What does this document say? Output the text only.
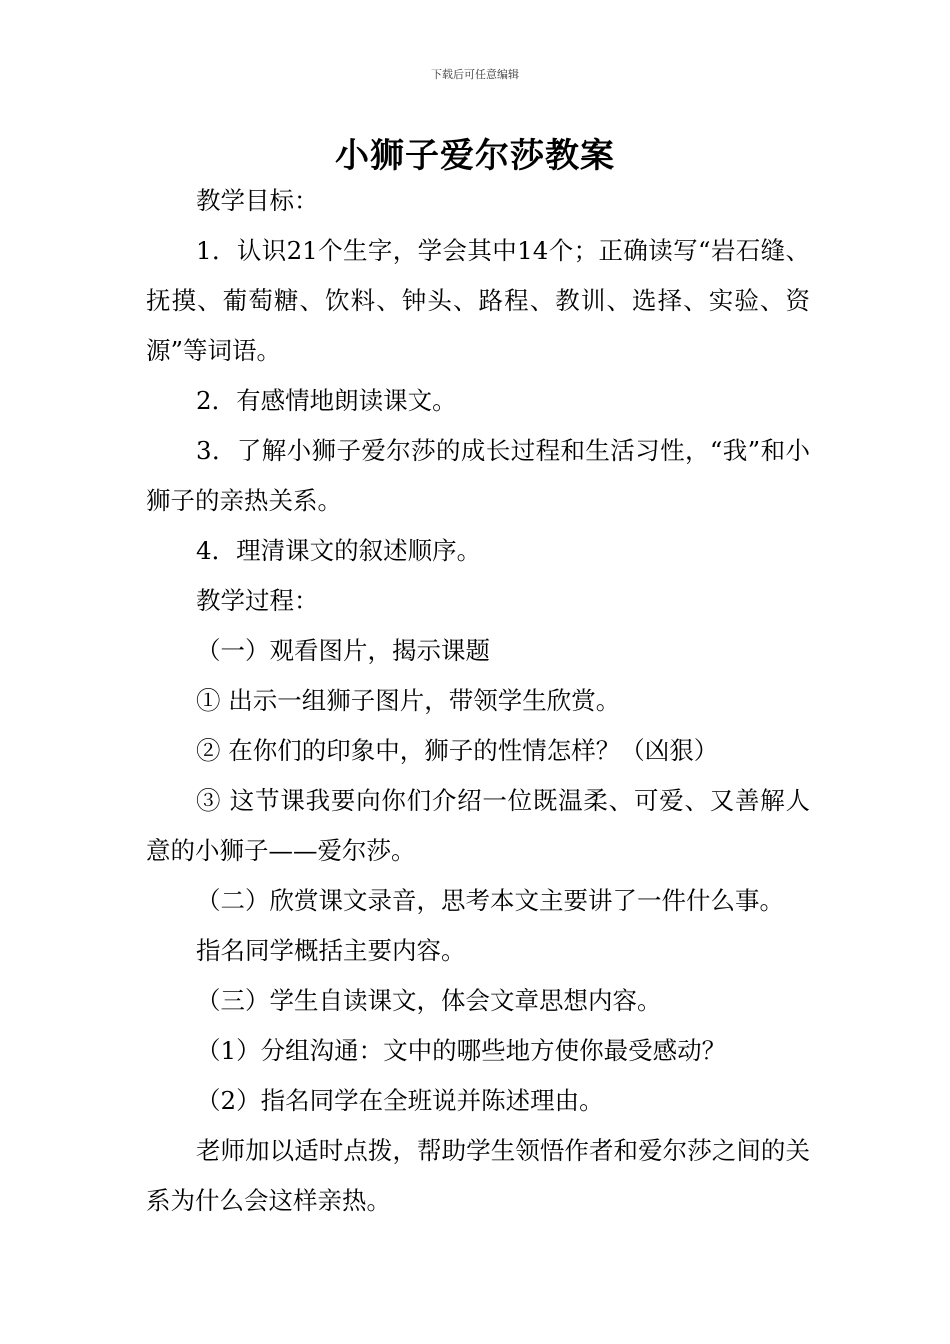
下载后可任意编辑
小狮子爱尔莎教案

教学目标：

1．认识21个生字，学会其中14个；正确读写“岩石缝、抚摸、葡萄糖、饮料、钟头、路程、教训、选择、实验、资源”等词语。

2．有感情地朗读课文。

3．了解小狮子爱尔莎的成长过程和生活习性，“我”和小狮子的亲热关系。

4．理清课文的叙述顺序。

教学过程：

（一）观看图片，揭示课题

① 出示一组狮子图片，带领学生欣赏。

② 在你们的印象中，狮子的性情怎样？（凶狠）

③ 这节课我要向你们介绍一位既温柔、可爱、又善解人意的小狮子——爱尔莎。

（二）欣赏课文录音，思考本文主要讲了一件什么事。

指名同学概括主要内容。

（三）学生自读课文，体会文章思想内容。

（1）分组沟通：文中的哪些地方使你最受感动？

（2）指名同学在全班说并陈述理由。

老师加以适时点拨，帮助学生领悟作者和爱尔莎之间的关系为什么会这样亲热。
